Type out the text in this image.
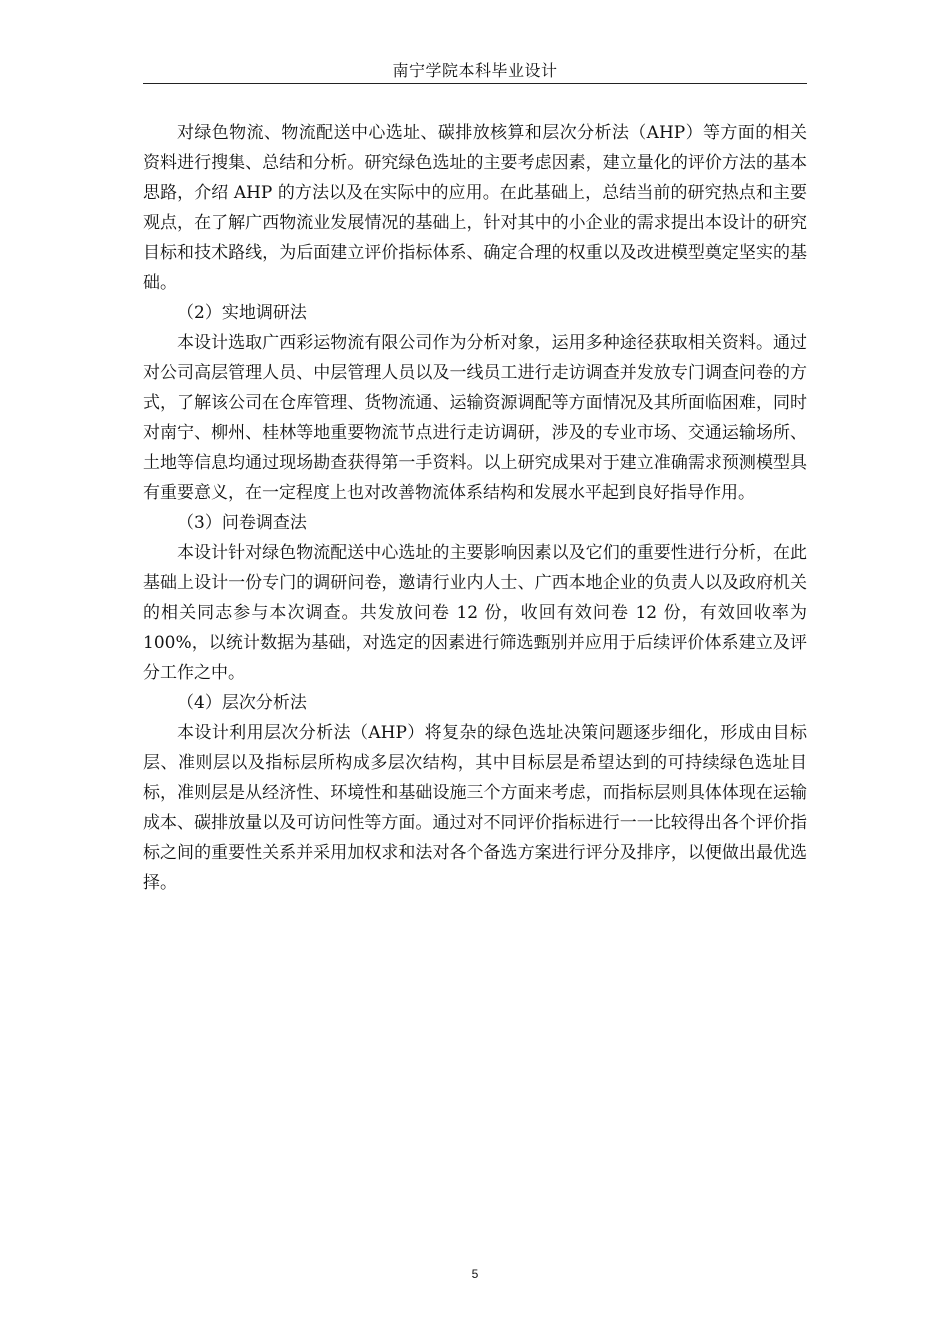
南宁学院本科毕业设计

对绿色物流、物流配送中心选址、碳排放核算和层次分析法（AHP）等方面的相关资料进行搜集、总结和分析。研究绿色选址的主要考虑因素，建立量化的评价方法的基本思路，介绍 AHP 的方法以及在实际中的应用。在此基础上，总结当前的研究热点和主要观点，在了解广西物流业发展情况的基础上，针对其中的小企业的需求提出本设计的研究目标和技术路线，为后面建立评价指标体系、确定合理的权重以及改进模型奠定坚实的基础。

（2）实地调研法

本设计选取广西彩运物流有限公司作为分析对象，运用多种途径获取相关资料。通过对公司高层管理人员、中层管理人员以及一线员工进行走访调查并发放专门调查问卷的方式，了解该公司在仓库管理、货物流通、运输资源调配等方面情况及其所面临困难，同时对南宁、柳州、桂林等地重要物流节点进行走访调研，涉及的专业市场、交通运输场所、土地等信息均通过现场勘查获得第一手资料。以上研究成果对于建立准确需求预测模型具有重要意义，在一定程度上也对改善物流体系结构和发展水平起到良好指导作用。

（3）问卷调查法

本设计针对绿色物流配送中心选址的主要影响因素以及它们的重要性进行分析，在此基础上设计一份专门的调研问卷，邀请行业内人士、广西本地企业的负责人以及政府机关的相关同志参与本次调查。共发放问卷 12 份，收回有效问卷 12 份，有效回收率为 100%，以统计数据为基础，对选定的因素进行筛选甄别并应用于后续评价体系建立及评分工作之中。

（4）层次分析法

本设计利用层次分析法（AHP）将复杂的绿色选址决策问题逐步细化，形成由目标层、准则层以及指标层所构成多层次结构，其中目标层是希望达到的可持续绿色选址目标，准则层是从经济性、环境性和基础设施三个方面来考虑，而指标层则具体体现在运输成本、碳排放量以及可访问性等方面。通过对不同评价指标进行一一比较得出各个评价指标之间的重要性关系并采用加权求和法对各个备选方案进行评分及排序，以便做出最优选择。

5
